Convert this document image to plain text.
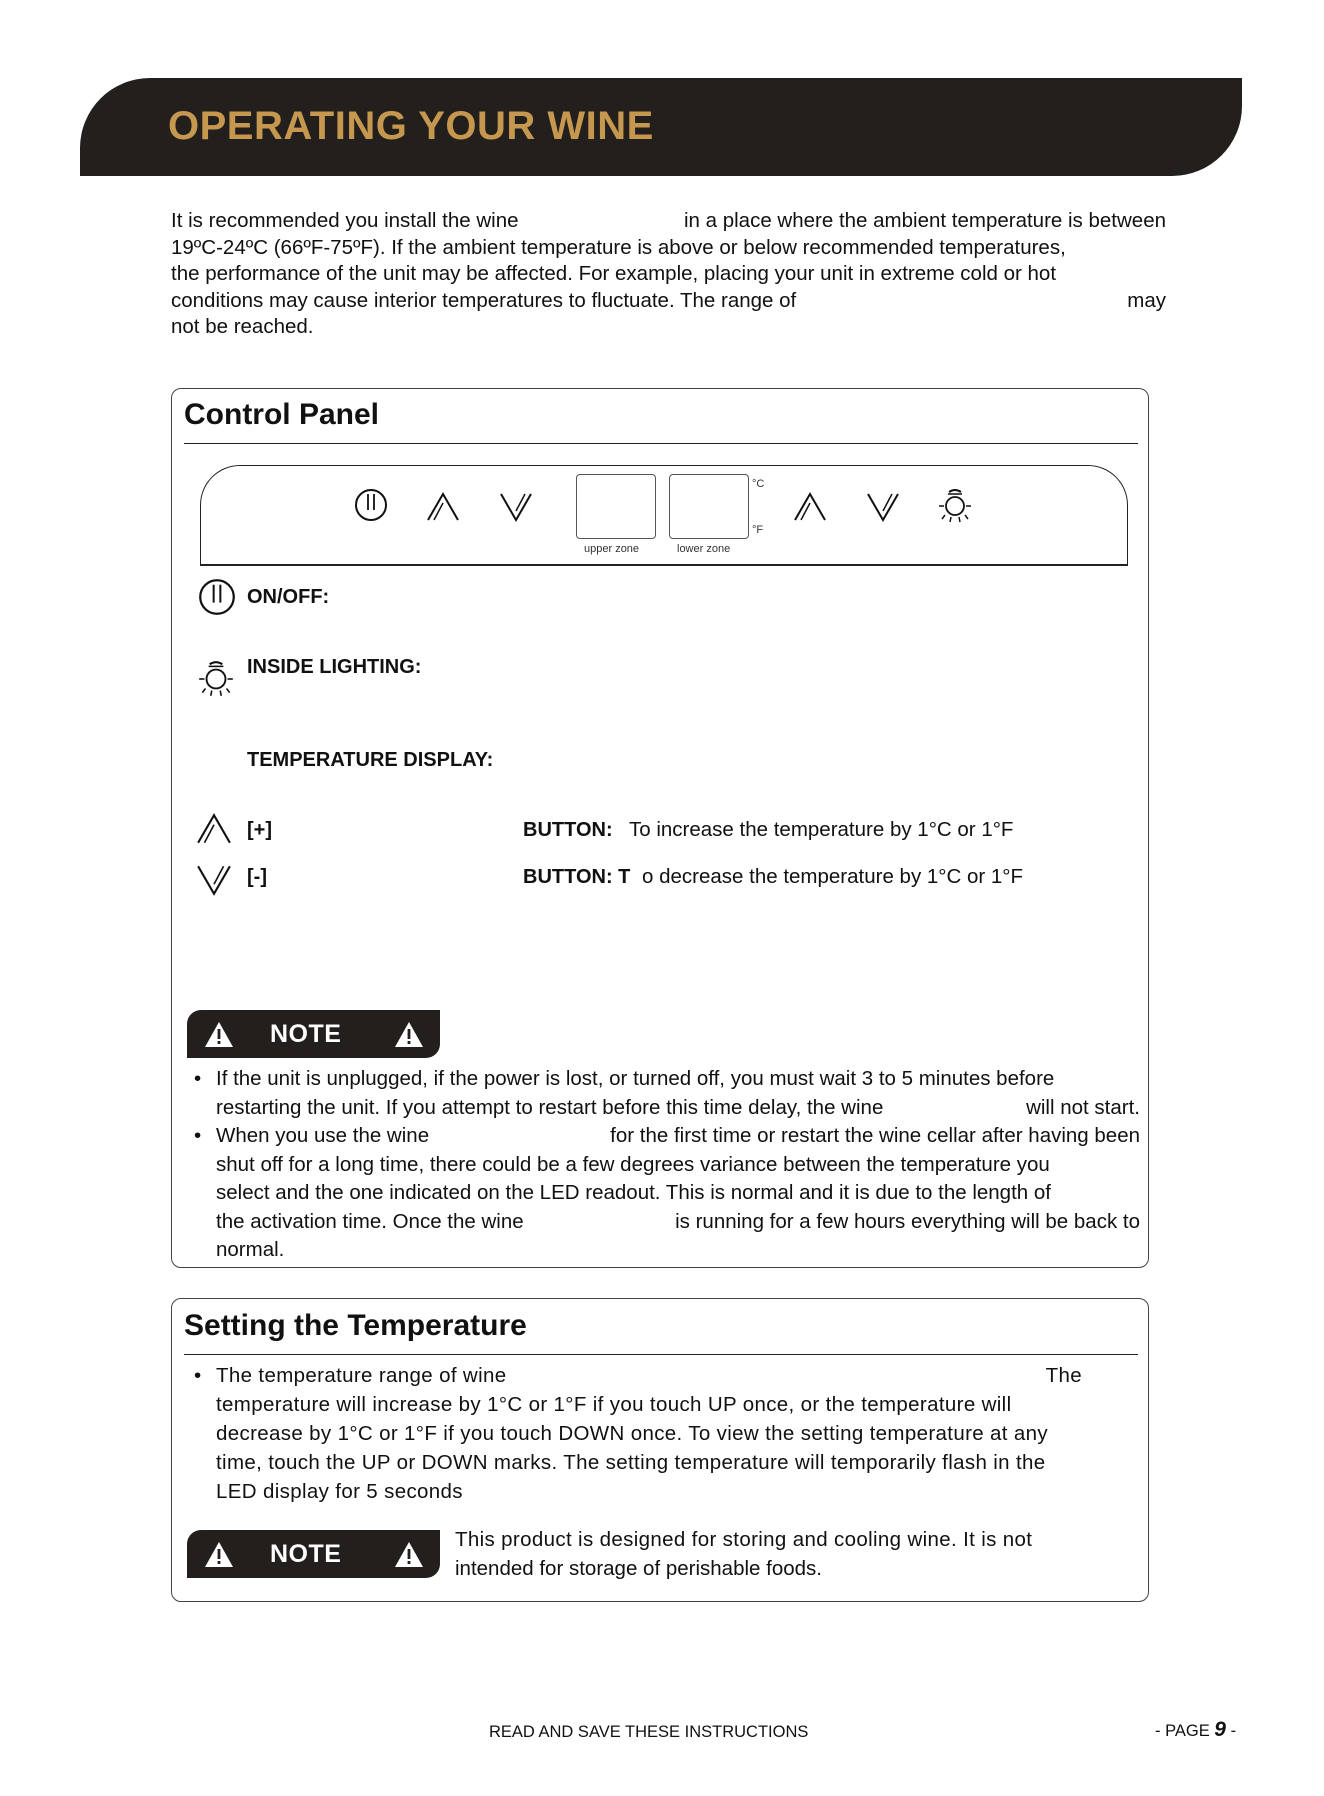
OPERATING YOUR WINE
It is recommended you install the wine	in a place where the ambient temperature is between
19ºC-24ºC (66ºF-75ºF). If the ambient temperature is above or below recommended temperatures,
the performance of the unit may be affected. For example, placing your unit in extreme cold or hot
conditions may cause interior temperatures to fluctuate. The range of	may
not be reached.
Control Panel
°C
°F
upper zone	lower zone
ON/OFF:
INSIDE LIGHTING:
TEMPERATURE DISPLAY:
[+]	BUTTON: To increase the temperature by 1°C or 1°F
[-]	BUTTON: T o decrease the temperature by 1°C or 1°F
NOTE
• If the unit is unplugged, if the power is lost, or turned off, you must wait 3 to 5 minutes before
restarting the unit. If you attempt to restart before this time delay, the wine	will not start.
• When you use the wine	for the first time or restart the wine cellar after having been
shut off for a long time, there could be a few degrees variance between the temperature you
select and the one indicated on the LED readout. This is normal and it is due to the length of
the activation time. Once the wine	is running for a few hours everything will be back to
normal.
Setting the Temperature
• The temperature range of wine	The
temperature will increase by 1°C or 1°F if you touch UP once, or the temperature will
decrease by 1°C or 1°F if you touch DOWN once. To view the setting temperature at any
time, touch the UP or DOWN marks. The setting temperature will temporarily flash in the
LED display for 5 seconds
NOTE	This product is designed for storing and cooling wine. It is not
intended for storage of perishable foods.
READ AND SAVE THESE INSTRUCTIONS	- PAGE 9 -
